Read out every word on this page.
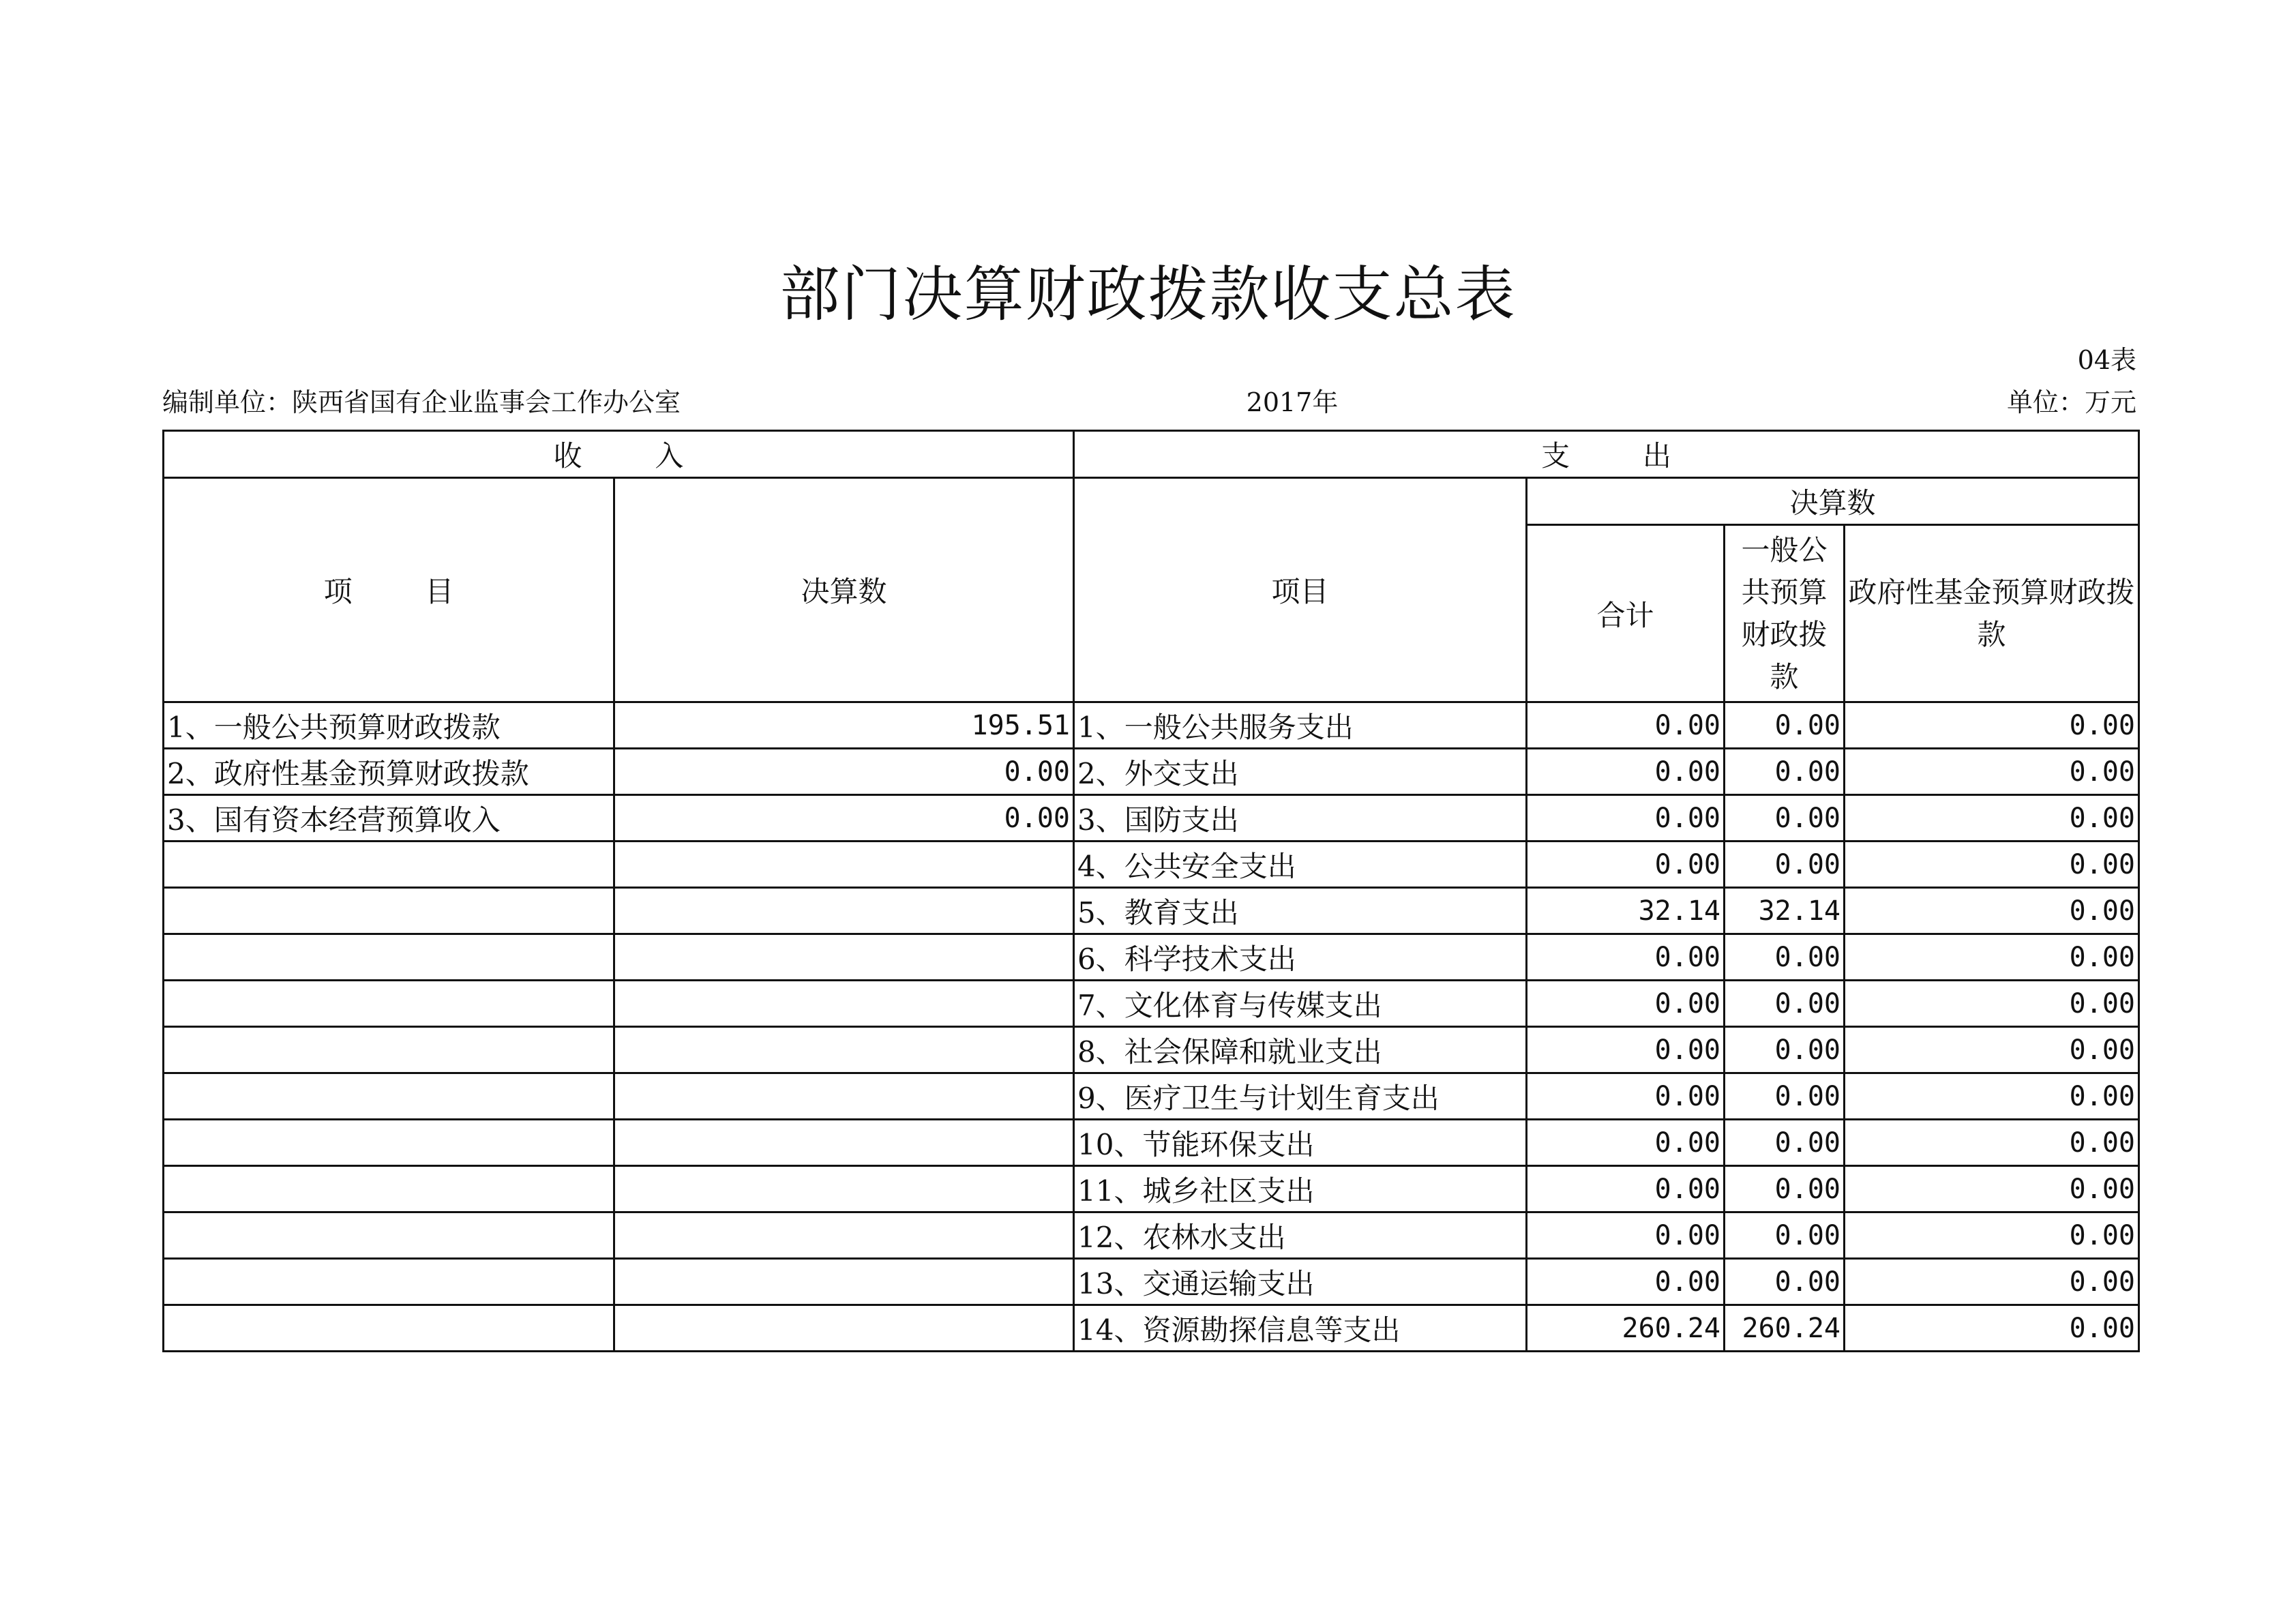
部门决算财政拨款收支总表
04表
编制单位：陕西省国有企业监事会工作办公室	2017年	单位：万元
收        入		支        出			
项        目	决算数	项目	决算数		
			合计	一般公共预算财政拨款	政府性基金预算财政拨款
1、一般公共预算财政拨款	195.51	1、一般公共服务支出	0.00	0.00	0.00
2、政府性基金预算财政拨款	0.00	2、外交支出	0.00	0.00	0.00
3、国有资本经营预算收入	0.00	3、国防支出	0.00	0.00	0.00
		4、公共安全支出	0.00	0.00	0.00
		5、教育支出	32.14	32.14	0.00
		6、科学技术支出	0.00	0.00	0.00
		7、文化体育与传媒支出	0.00	0.00	0.00
		8、社会保障和就业支出	0.00	0.00	0.00
		9、医疗卫生与计划生育支出	0.00	0.00	0.00
		10、节能环保支出	0.00	0.00	0.00
		11、城乡社区支出	0.00	0.00	0.00
		12、农林水支出	0.00	0.00	0.00
		13、交通运输支出	0.00	0.00	0.00
		14、资源勘探信息等支出	260.24	260.24	0.00
